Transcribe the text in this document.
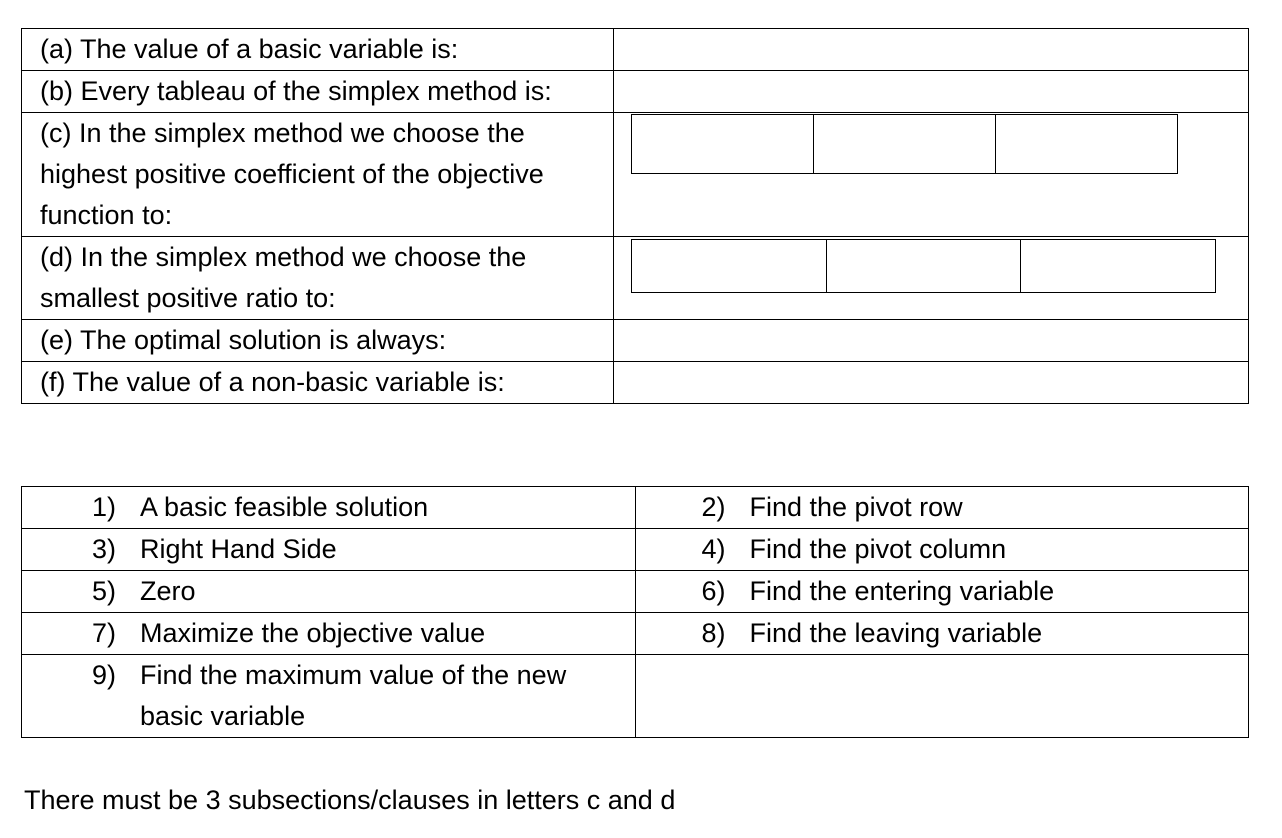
(a) The value of a basic variable is:	
(b) Every tableau of the simplex method is:	
(c) In the simplex method we choose the highest positive coefficient of the objective function to:	

(d) In the simplex method we choose the smallest positive ratio to:	

(e) The optimal solution is always:	
(f) The value of a non-basic variable is:	
1) A basic feasible solution	2) Find the pivot row

3) Right Hand Side	4) Find the pivot column

5) Zero	6) Find the entering variable

7) Maximize the objective value	8) Find the leaving variable

9) Find the maximum value of the new basic variable	

There must be 3 subsections/clauses in letters c and d
